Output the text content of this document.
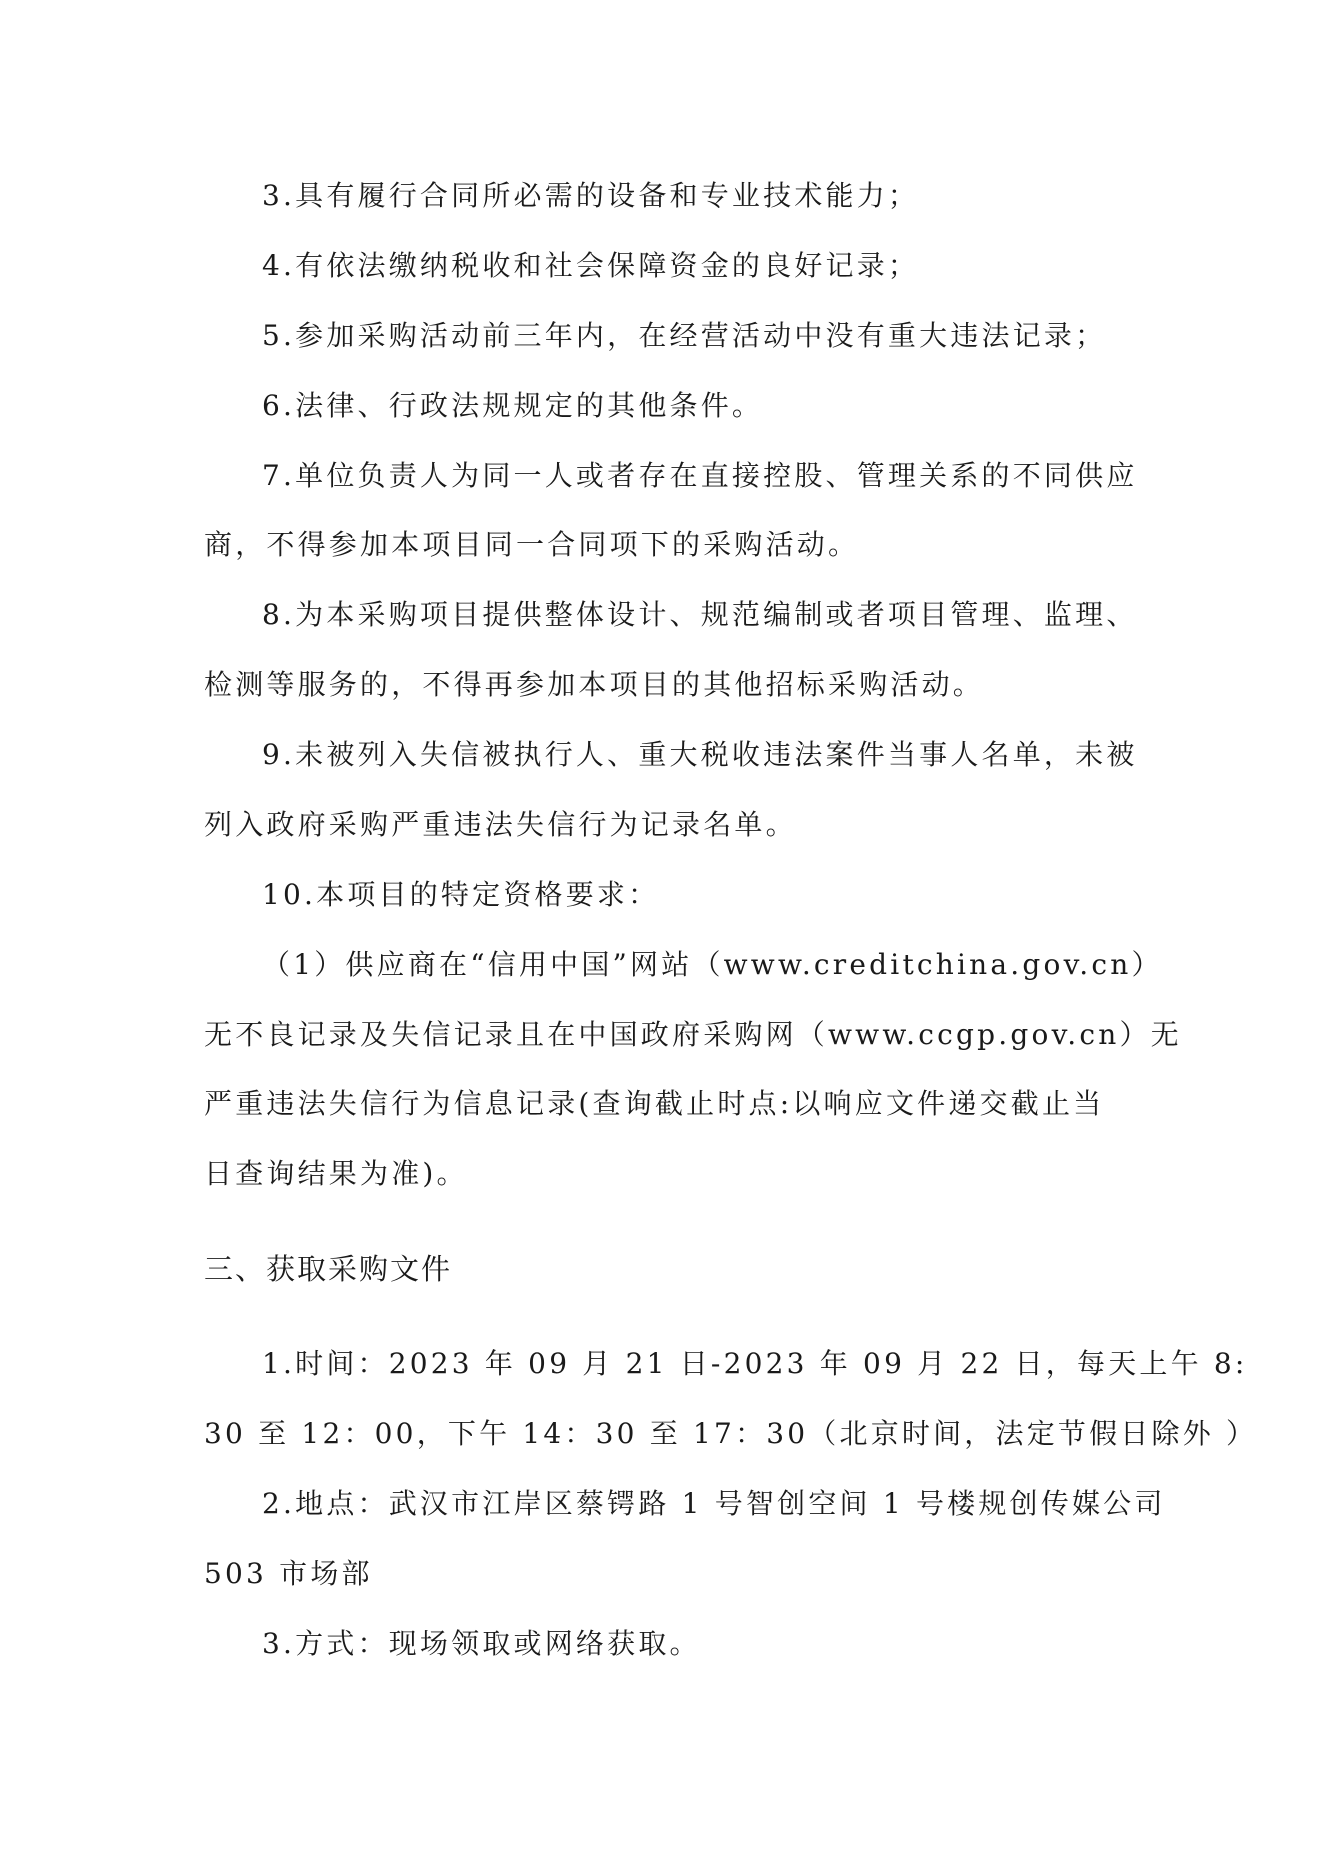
3.具有履行合同所必需的设备和专业技术能力；
4.有依法缴纳税收和社会保障资金的良好记录；
5.参加采购活动前三年内，在经营活动中没有重大违法记录；
6.法律、行政法规规定的其他条件。
7.单位负责人为同一人或者存在直接控股、管理关系的不同供应
商，不得参加本项目同一合同项下的采购活动。
8.为本采购项目提供整体设计、规范编制或者项目管理、监理、
检测等服务的，不得再参加本项目的其他招标采购活动。
9.未被列入失信被执行人、重大税收违法案件当事人名单，未被
列入政府采购严重违法失信行为记录名单。
10.本项目的特定资格要求：
（1）供应商在“信用中国”网站（www.creditchina.gov.cn）
无不良记录及失信记录且在中国政府采购网（www.ccgp.gov.cn）无
严重违法失信行为信息记录(查询截止时点:以响应文件递交截止当
日查询结果为准)。
三、获取采购文件
1.时间：2023 年 09 月 21 日-2023 年 09 月 22 日，每天上午 8:
30 至 12：00，下午 14：30 至 17：30（北京时间，法定节假日除外 ）
2.地点：武汉市江岸区蔡锷路 1 号智创空间 1 号楼规创传媒公司
503 市场部
3.方式：现场领取或网络获取。
